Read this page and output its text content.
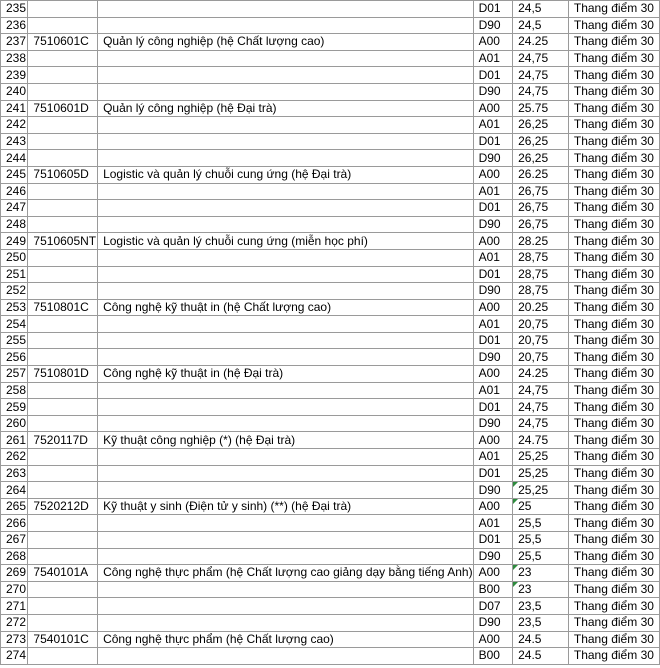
235			D01	24,5	Thang điểm 30
236			D90	24,5	Thang điểm 30
237	7510601C	Quản lý công nghiệp (hệ Chất lượng cao)	A00	24.25	Thang điểm 30
238			A01	24,75	Thang điểm 30
239			D01	24,75	Thang điểm 30
240			D90	24,75	Thang điểm 30
241	7510601D	Quản lý công nghiệp (hệ Đại trà)	A00	25.75	Thang điểm 30
242			A01	26,25	Thang điểm 30
243			D01	26,25	Thang điểm 30
244			D90	26,25	Thang điểm 30
245	7510605D	Logistic và quản lý chuỗi cung ứng (hệ Đại trà)	A00	26.25	Thang điểm 30
246			A01	26,75	Thang điểm 30
247			D01	26,75	Thang điểm 30
248			D90	26,75	Thang điểm 30
249	7510605NT	Logistic và quản lý chuỗi cung ứng (miễn học phí)	A00	28.25	Thang điểm 30
250			A01	28,75	Thang điểm 30
251			D01	28,75	Thang điểm 30
252			D90	28,75	Thang điểm 30
253	7510801C	Công nghệ kỹ thuật in (hệ Chất lượng cao)	A00	20.25	Thang điểm 30
254			A01	20,75	Thang điểm 30
255			D01	20,75	Thang điểm 30
256			D90	20,75	Thang điểm 30
257	7510801D	Công nghệ kỹ thuật in (hệ Đại trà)	A00	24.25	Thang điểm 30
258			A01	24,75	Thang điểm 30
259			D01	24,75	Thang điểm 30
260			D90	24,75	Thang điểm 30
261	7520117D	Kỹ thuật công nghiệp (*) (hệ Đại trà)	A00	24.75	Thang điểm 30
262			A01	25,25	Thang điểm 30
263			D01	25,25	Thang điểm 30
264			D90	25,25	Thang điểm 30
265	7520212D	Kỹ thuật y sinh (Điện tử y sinh) (**) (hệ Đại trà)	A00	25	Thang điểm 30
266			A01	25,5	Thang điểm 30
267			D01	25,5	Thang điểm 30
268			D90	25,5	Thang điểm 30
269	7540101A	Công nghệ thực phẩm (hệ Chất lượng cao giảng dạy bằng tiếng Anh)	A00	23	Thang điểm 30
270			B00	23	Thang điểm 30
271			D07	23,5	Thang điểm 30
272			D90	23,5	Thang điểm 30
273	7540101C	Công nghệ thực phẩm (hệ Chất lượng cao)	A00	24.5	Thang điểm 30
274			B00	24.5	Thang điểm 30
